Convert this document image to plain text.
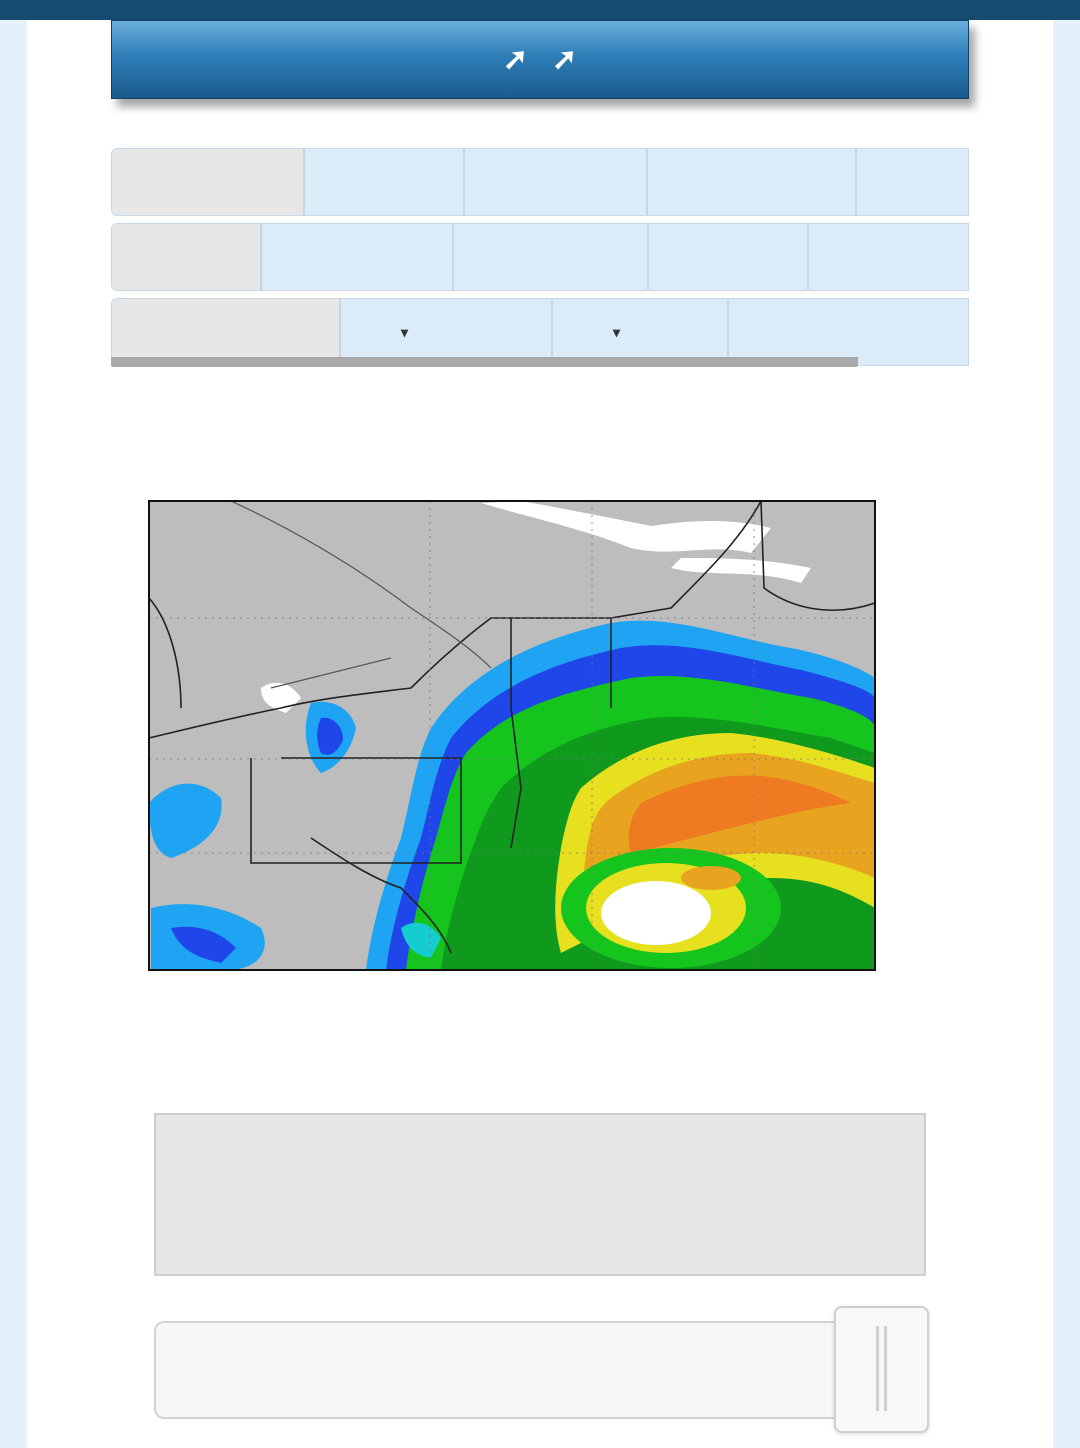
➚ ➚
▾	▾
